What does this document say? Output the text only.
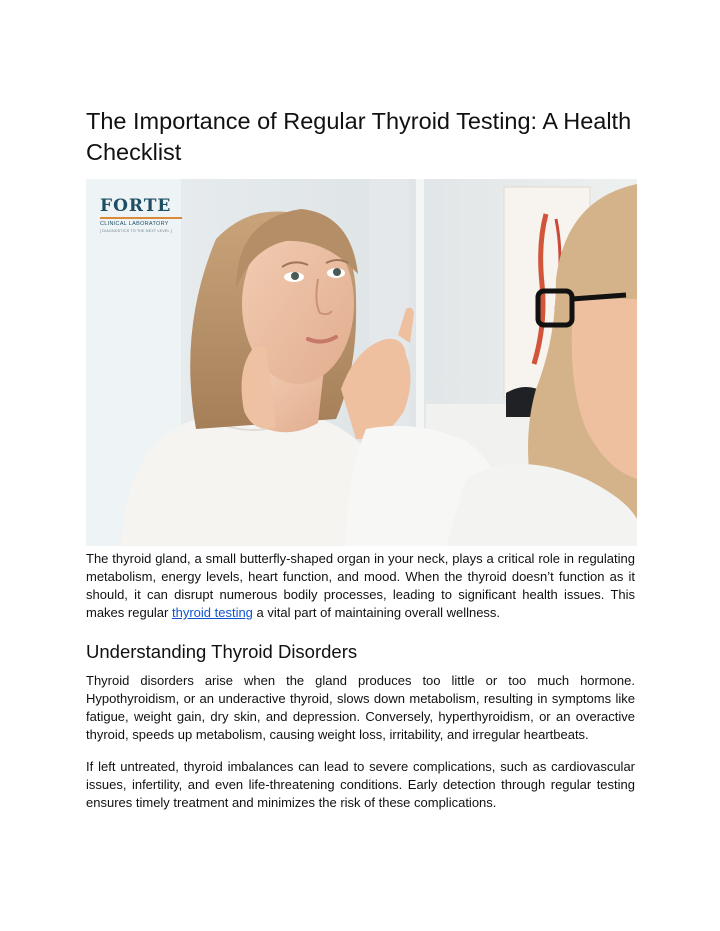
The Importance of Regular Thyroid Testing: A Health Checklist
FORTE
CLINICAL LABORATORY
[ DIAGNOSTICS TO THE NEXT LEVEL ]

The thyroid gland, a small butterfly-shaped organ in your neck, plays a critical role in regulating metabolism, energy levels, heart function, and mood. When the thyroid doesn’t function as it should, it can disrupt numerous bodily processes, leading to significant health issues. This makes regular thyroid testing a vital part of maintaining overall wellness.

Understanding Thyroid Disorders

Thyroid disorders arise when the gland produces too little or too much hormone. Hypothyroidism, or an underactive thyroid, slows down metabolism, resulting in symptoms like fatigue, weight gain, dry skin, and depression. Conversely, hyperthyroidism, or an overactive thyroid, speeds up metabolism, causing weight loss, irritability, and irregular heartbeats.

If left untreated, thyroid imbalances can lead to severe complications, such as cardiovascular issues, infertility, and even life-threatening conditions. Early detection through regular testing ensures timely treatment and minimizes the risk of these complications.
